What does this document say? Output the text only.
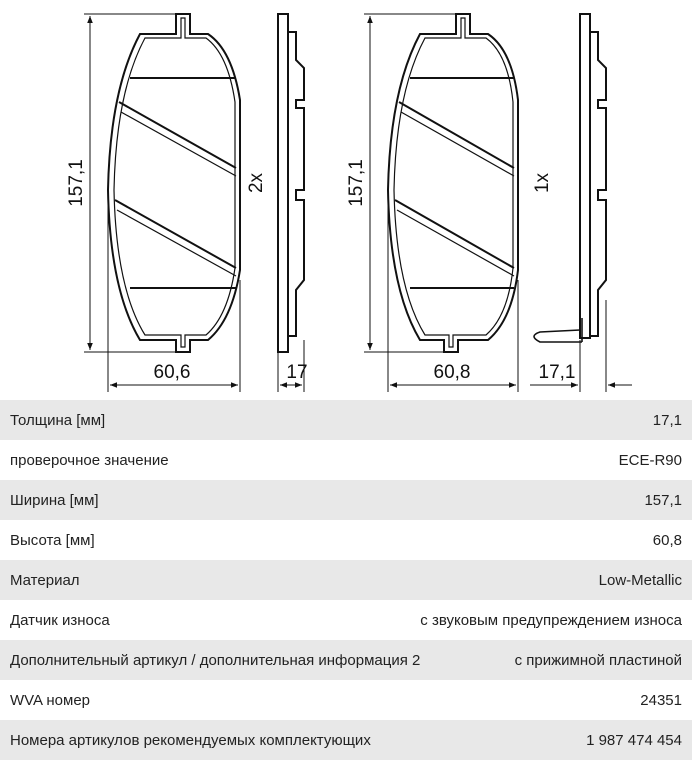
157,1
60,6
2x
17
157,1
60,8
1x
17,1
Толщина [мм]	17,1
проверочное значение	ECE-R90
Ширина [мм]	157,1
Высота [мм]	60,8
Материал	Low-Metallic
Датчик износа	с звуковым предупреждением износа
Дополнительный артикул / дополнительная информация 2	с прижимной пластиной
WVA номер	24351
Номера артикулов рекомендуемых комплектующих	1 987 474 454
